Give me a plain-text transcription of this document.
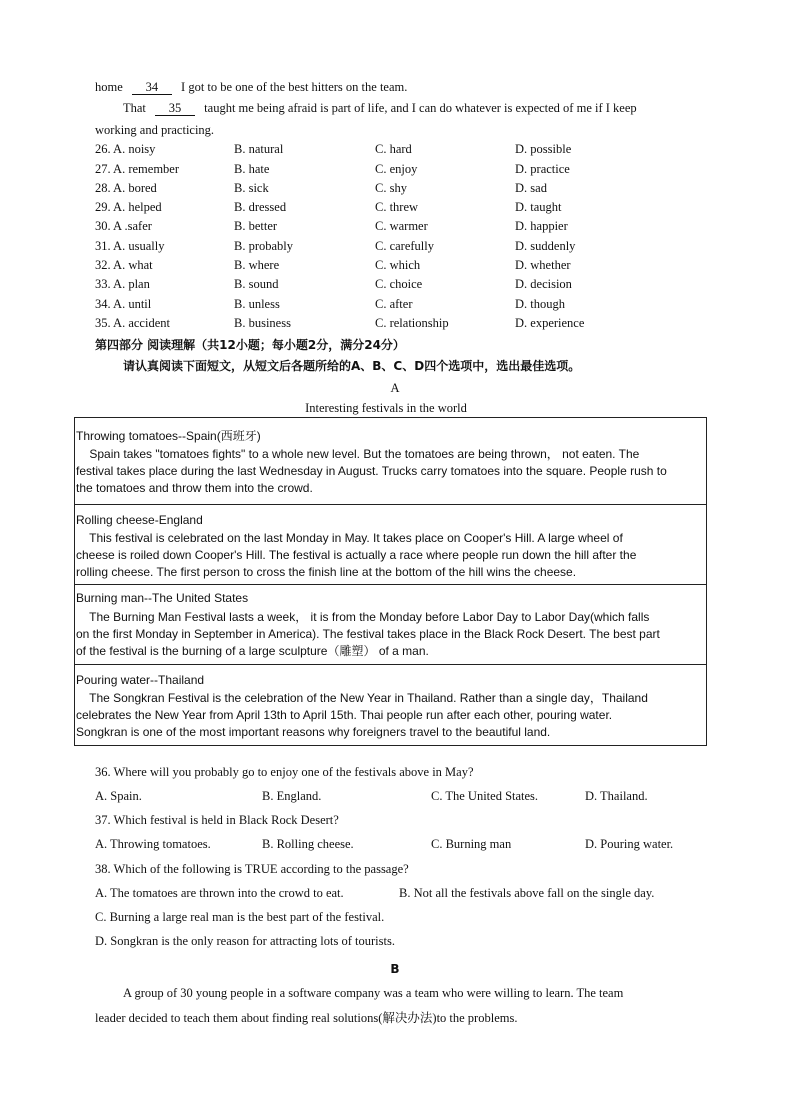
home 34 I got to be one of the best hitters on the team.
That 35 taught me being afraid is part of life, and I can do whatever is expected of me if I keep
working and practicing.
26. A. noisy	B. natural	C. hard	D. possible
27. A. remember	B. hate	C. enjoy	D. practice
28. A. bored	B. sick	C. shy	D. sad
29. A. helped	B. dressed	C. threw	D. taught
30. A .safer	B. better	C. warmer	D. happier
31. A. usually	B. probably	C. carefully	D. suddenly
32. A. what	B. where	C. which	D. whether
33. A. plan	B. sound	C. choice	D. decision
34. A. until	B. unless	C. after	D. though
35. A. accident	B. business	C. relationship	D. experience
第四部分 阅读理解（共12小题；每小题2分，满分24分）
请认真阅读下面短文，从短文后各题所给的A、B、C、D四个选项中，选出最佳选项。
A
Interesting festivals in the world
Throwing tomatoes--Spain(西班牙)
Spain takes "tomatoes fights" to a whole new level. But the tomatoes are being thrown， not eaten. The
festival takes place during the last Wednesday in August. Trucks carry tomatoes into the square. People rush to
the tomatoes and throw them into the crowd.
Rolling cheese-England
This festival is celebrated on the last Monday in May. It takes place on Cooper's Hill. A large wheel of
cheese is roiled down Cooper's Hill. The festival is actually a race where people run down the hill after the
rolling cheese. The first person to cross the finish line at the bottom of the hill wins the cheese.
Burning man--The United States
The Burning Man Festival lasts a week， it is from the Monday before Labor Day to Labor Day(which falls
on the first Monday in September in America). The festival takes place in the Black Rock Desert. The best part
of the festival is the burning of a large sculpture（雕塑） of a man.
Pouring water--Thailand
The Songkran Festival is the celebration of the New Year in Thailand. Rather than a single day，Thailand
celebrates the New Year from April 13th to April 15th. Thai people run after each other, pouring water.
Songkran is one of the most important reasons why foreigners travel to the beautiful land.
36. Where will you probably go to enjoy one of the festivals above in May?
A. Spain.	B. England.	C. The United States.	D. Thailand.
37. Which festival is held in Black Rock Desert?
A. Throwing tomatoes.	B. Rolling cheese.	C. Burning man	D. Pouring water.
38. Which of the following is TRUE according to the passage?
A. The tomatoes are thrown into the crowd to eat.	B. Not all the festivals above fall on the single day.
C. Burning a large real man is the best part of the festival.
D. Songkran is the only reason for attracting lots of tourists.
B
A group of 30 young people in a software company was a team who were willing to learn. The team
leader decided to teach them about finding real solutions(解决办法)to the problems.
